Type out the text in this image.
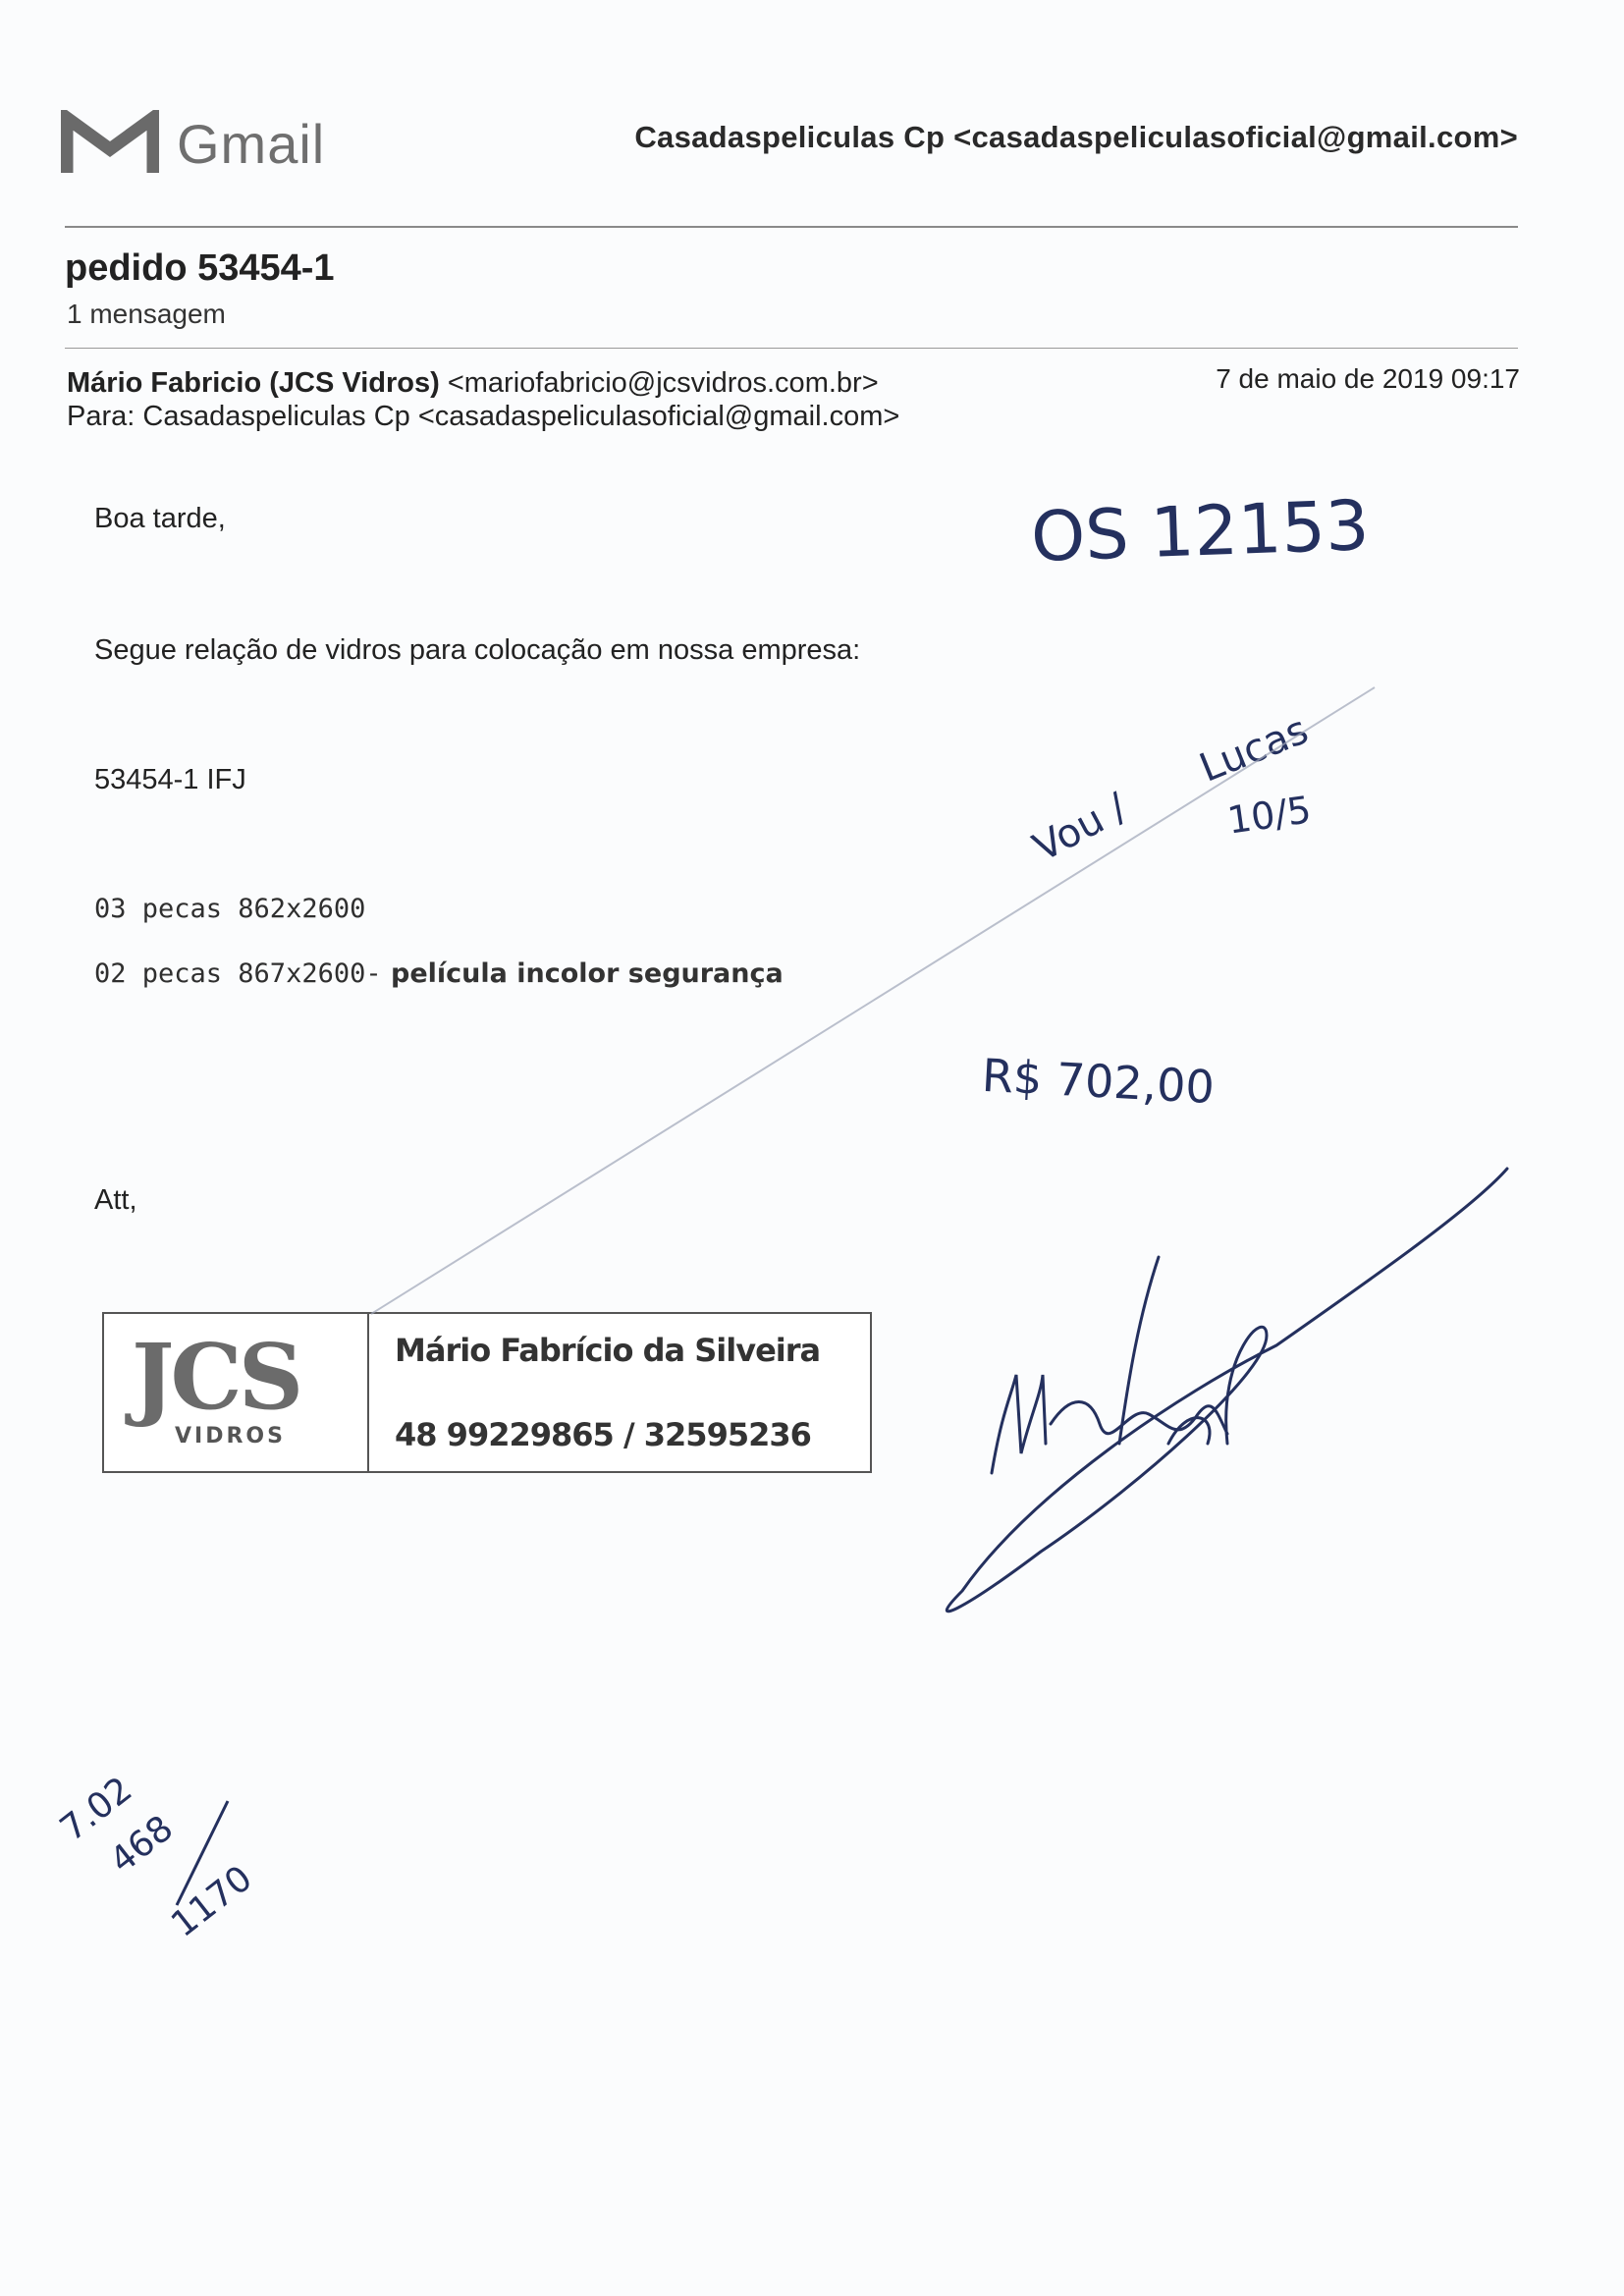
Gmail	Casadaspeliculas Cp <casadaspeliculasoficial@gmail.com>
pedido 53454-1
1 mensagem
Mário Fabricio (JCS Vidros) <mariofabricio@jcsvidros.com.br>	7 de maio de 2019 09:17
Para: Casadaspeliculas Cp <casadaspeliculasoficial@gmail.com>
Boa tarde,
Segue relação de vidros para colocação em nossa empresa:
53454-1 IFJ
03 pecas 862x2600
02 pecas 867x2600- película incolor segurança
Att,
JCS
VIDROS
Mário Fabrício da Silveira
48 99229865 / 32595236
OS 12153
Vou /
Lucas
10/5
R$ 702,00
7.02
468
1170
